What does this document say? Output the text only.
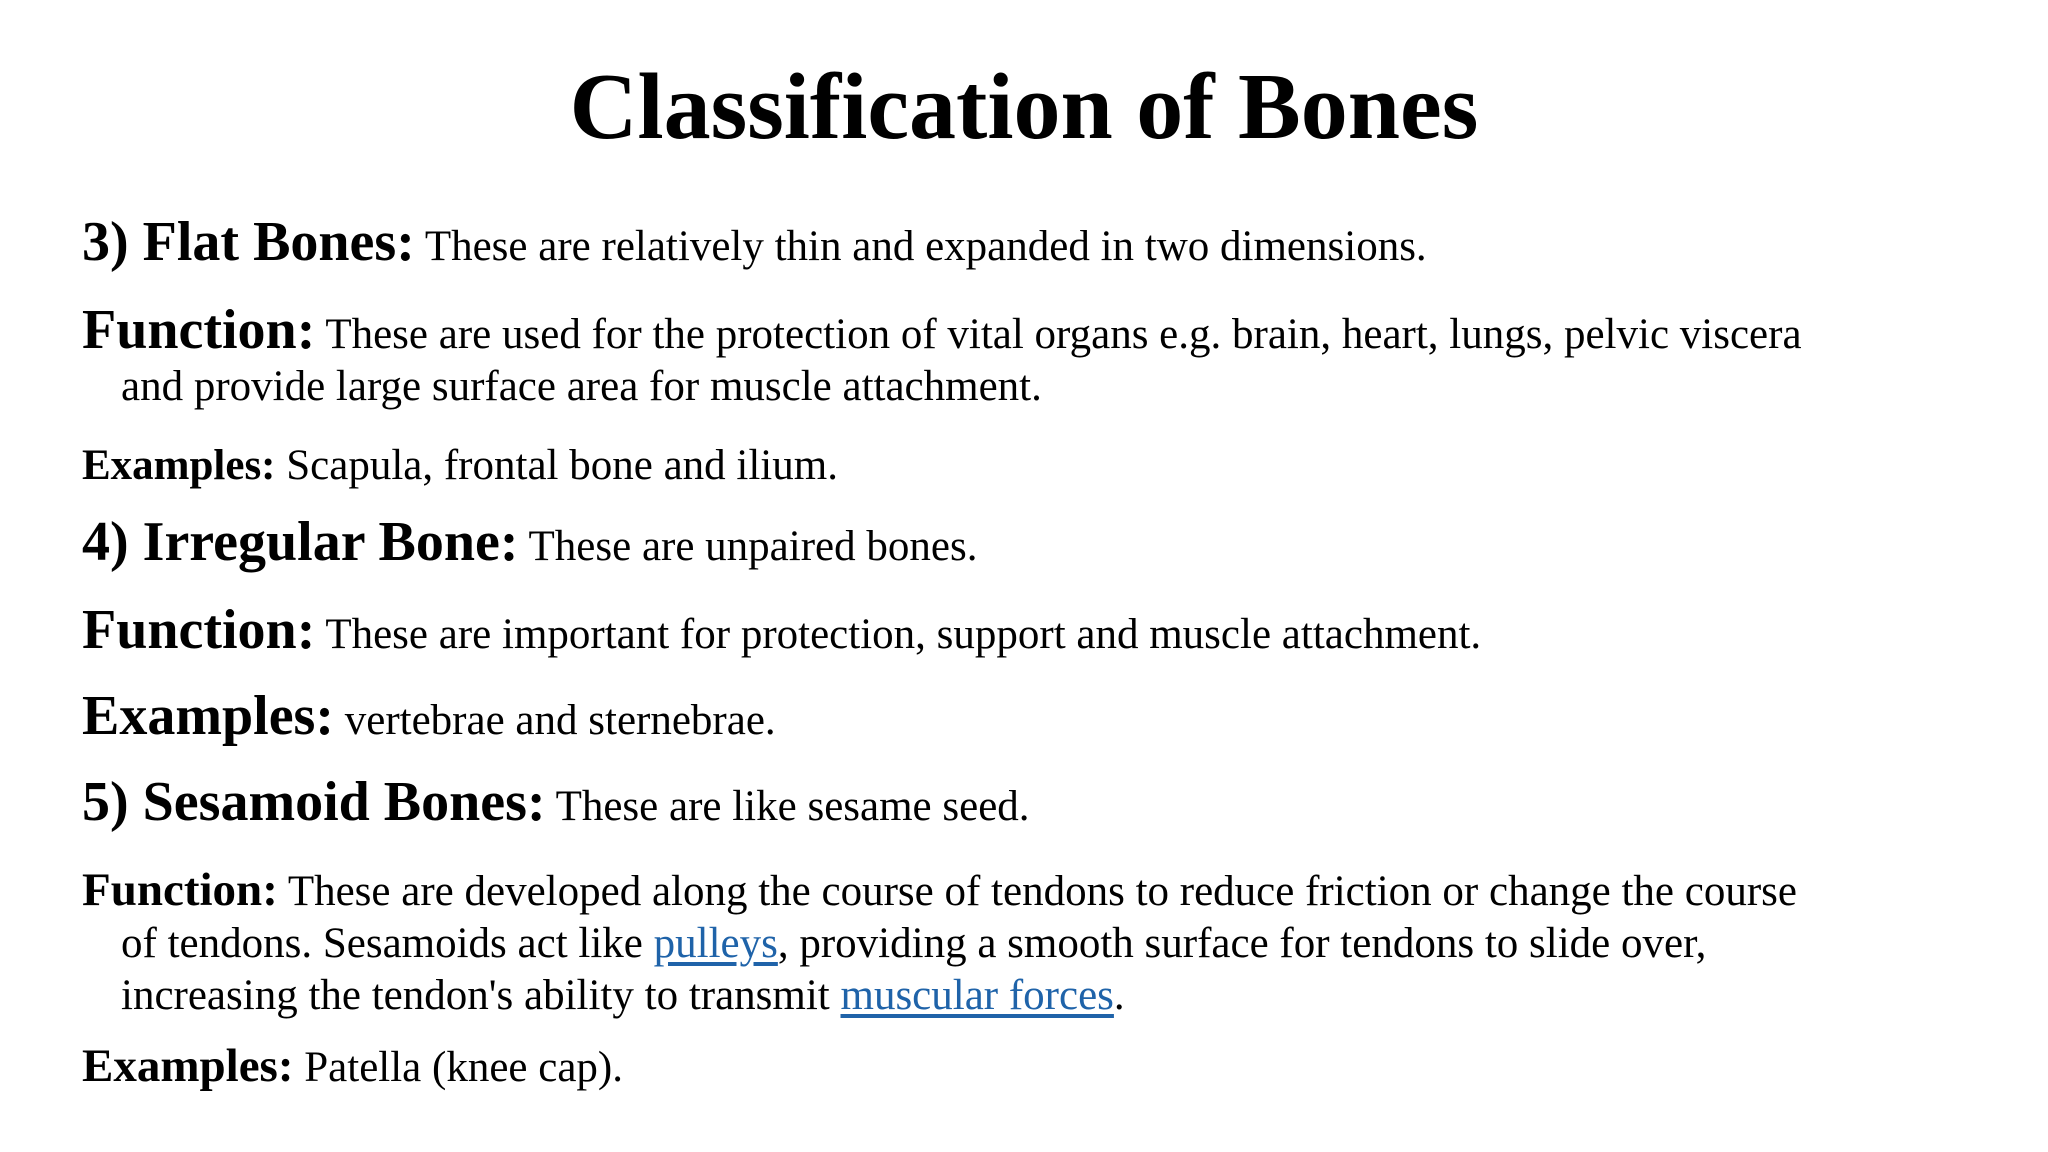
Classification of Bones

3) Flat Bones: These are relatively thin and expanded in two dimensions.

Function: These are used for the protection of vital organs e.g. brain, heart, lungs, pelvic viscera
and provide large surface area for muscle attachment.

Examples: Scapula, frontal bone and ilium.

4) Irregular Bone: These are unpaired bones.

Function: These are important for protection, support and muscle attachment.

Examples: vertebrae and sternebrae.

5) Sesamoid Bones: These are like sesame seed.

Function: These are developed along the course of tendons to reduce friction or change the course
of tendons. Sesamoids act like pulleys, providing a smooth surface for tendons to slide over,
increasing the tendon's ability to transmit muscular forces.

Examples: Patella (knee cap).
